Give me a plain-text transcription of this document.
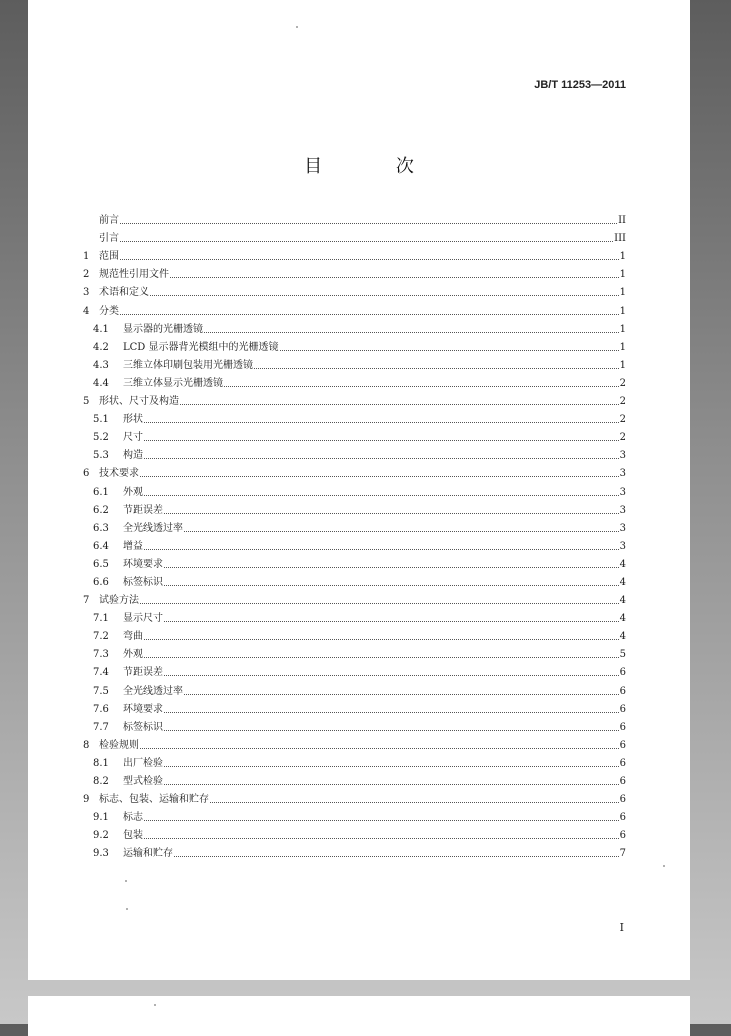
JB/T 11253—2011
目 次
前言	II
引言	III
1 范围	1
2 规范性引用文件	1
3 术语和定义	1
4 分类	1
4.1	显示器的光栅透镜	1
4.2	LCD 显示器背光模组中的光栅透镜	1
4.3	三维立体印刷包装用光栅透镜	1
4.4	三维立体显示光栅透镜	2
5 形状、尺寸及构造	2
5.1	形状	2
5.2	尺寸	2
5.3	构造	3
6 技术要求	3
6.1	外观	3
6.2	节距误差	3
6.3	全光线透过率	3
6.4	增益	3
6.5	环境要求	4
6.6	标签标识	4
7 试验方法	4
7.1	显示尺寸	4
7.2	弯曲	4
7.3	外观	5
7.4	节距误差	6
7.5	全光线透过率	6
7.6	环境要求	6
7.7	标签标识	6
8 检验规则	6
8.1	出厂检验	6
8.2	型式检验	6
9 标志、包装、运输和贮存	6
9.1	标志	6
9.2	包装	6
9.3	运输和贮存	7
I
